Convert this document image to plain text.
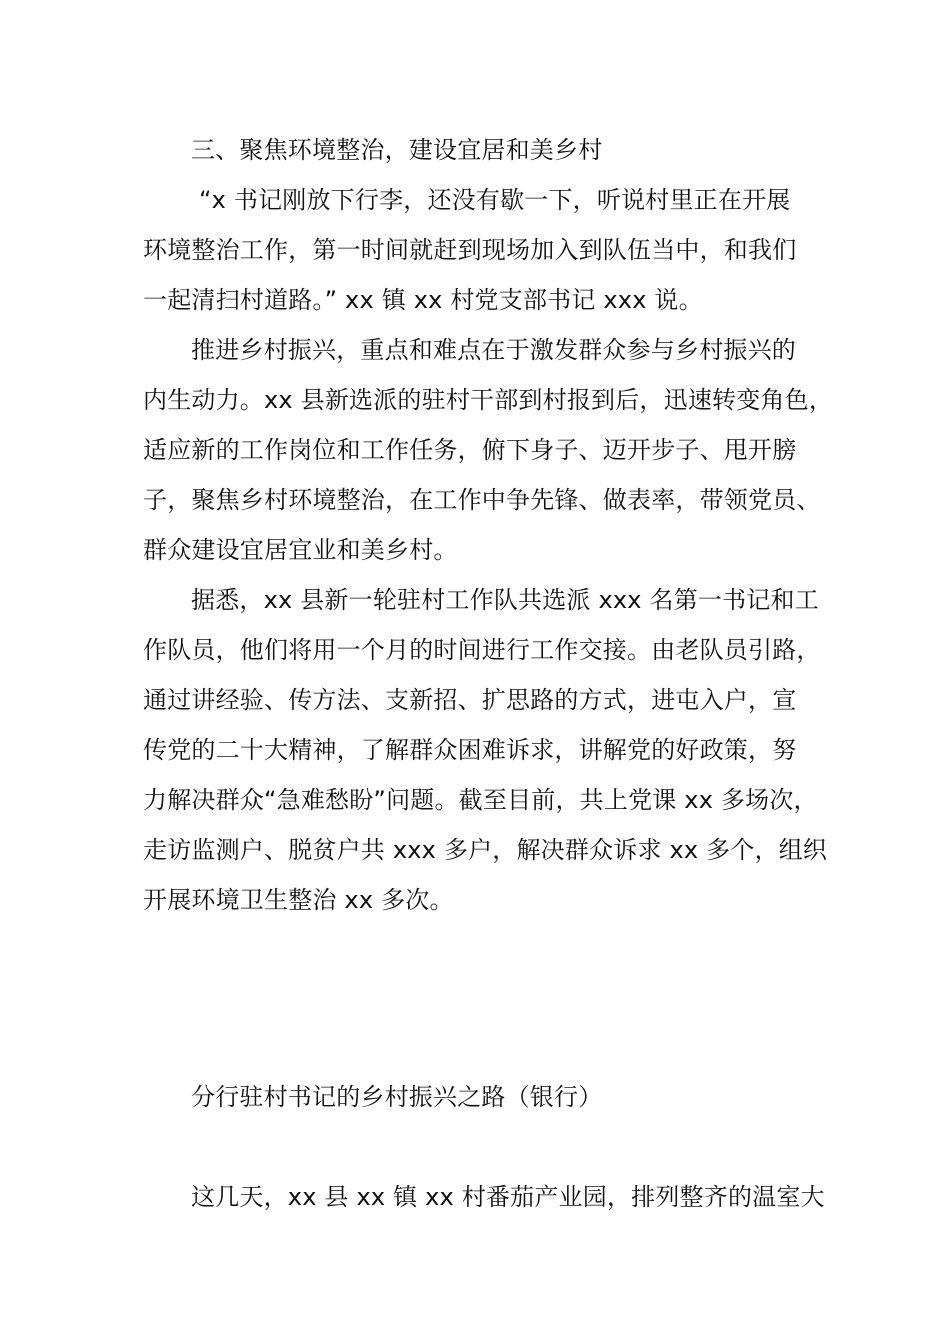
三、聚焦环境整治，建设宜居和美乡村
“x 书记刚放下行李，还没有歇一下，听说村里正在开展
环境整治工作，第一时间就赶到现场加入到队伍当中，和我们
一起清扫村道路。” xx 镇 xx 村党支部书记 xxx 说。
推进乡村振兴，重点和难点在于激发群众参与乡村振兴的
内生动力。xx 县新选派的驻村干部到村报到后，迅速转变角色，
适应新的工作岗位和工作任务，俯下身子、迈开步子、甩开膀
子，聚焦乡村环境整治，在工作中争先锋、做表率，带领党员、
群众建设宜居宜业和美乡村。
据悉，xx 县新一轮驻村工作队共选派 xxx 名第一书记和工
作队员，他们将用一个月的时间进行工作交接。由老队员引路，
通过讲经验、传方法、支新招、扩思路的方式，进屯入户，宣
传党的二十大精神，了解群众困难诉求，讲解党的好政策，努
力解决群众“急难愁盼”问题。截至目前，共上党课 xx 多场次，
走访监测户、脱贫户共 xxx 多户，解决群众诉求 xx 多个，组织
开展环境卫生整治 xx 多次。
分行驻村书记的乡村振兴之路（银行）
这几天，xx 县 xx 镇 xx 村番茄产业园，排列整齐的温室大
